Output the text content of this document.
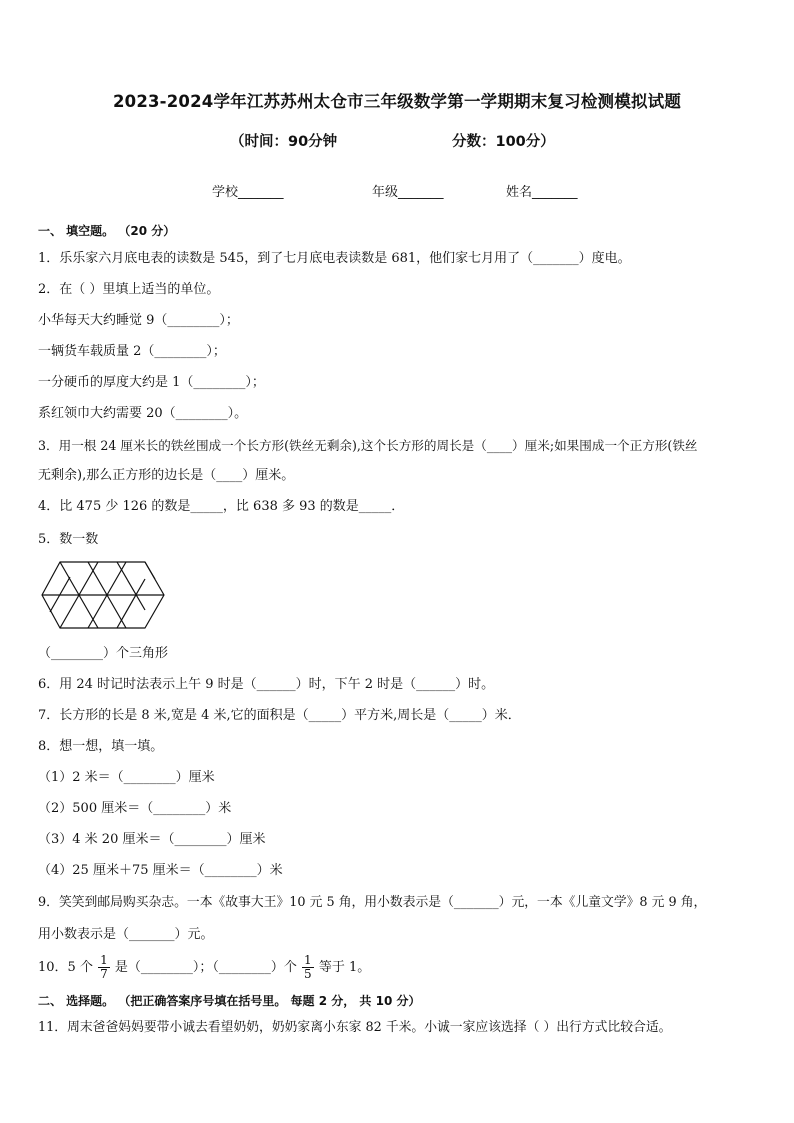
2023-2024学年江苏苏州太仓市三年级数学第一学期期末复习检测模拟试题
（时间：90分钟	分数：100分）
学校_______	年级_______	姓名_______
一、 填空题。 （20 分）
1．乐乐家六月底电表的读数是 545，到了七月底电表读数是 681，他们家七月用了（_______）度电。
2．在（ ）里填上适当的单位。
小华每天大约睡觉 9（________）；
一辆货车载质量 2（________）；
一分硬币的厚度大约是 1（________）；
系红领巾大约需要 20（________）。
3．用一根 24 厘米长的铁丝围成一个长方形(铁丝无剩余),这个长方形的周长是（____）厘米;如果围成一个正方形(铁丝
无剩余),那么正方形的边长是（____）厘米。
4．比 475 少 126 的数是_____，比 638 多 93 的数是_____．
5．数一数
（________）个三角形
6．用 24 时记时法表示上午 9 时是（______）时，下午 2 时是（______）时。
7．长方形的长是 8 米,宽是 4 米,它的面积是（_____）平方米,周长是（_____）米．
8．想一想，填一填。
（1）2 米＝（________）厘米
（2）500 厘米＝（________）米
（3）4 米 20 厘米＝（________）厘米
（4）25 厘米＋75 厘米＝（________）米
9．笑笑到邮局购买杂志。一本《故事大王》10 元 5 角，用小数表示是（_______）元，一本《儿童文学》8 元 9 角，
用小数表示是（_______）元。
10．5 个 $\frac{1}{7}$ 是（________）；（________）个 $\frac{1}{5}$ 等于 1。
二、 选择题。 （把正确答案序号填在括号里。 每题 2 分， 共 10 分）
11．周末爸爸妈妈要带小诚去看望奶奶，奶奶家离小东家 82 千米。小诚一家应该选择（ ）出行方式比较合适。
